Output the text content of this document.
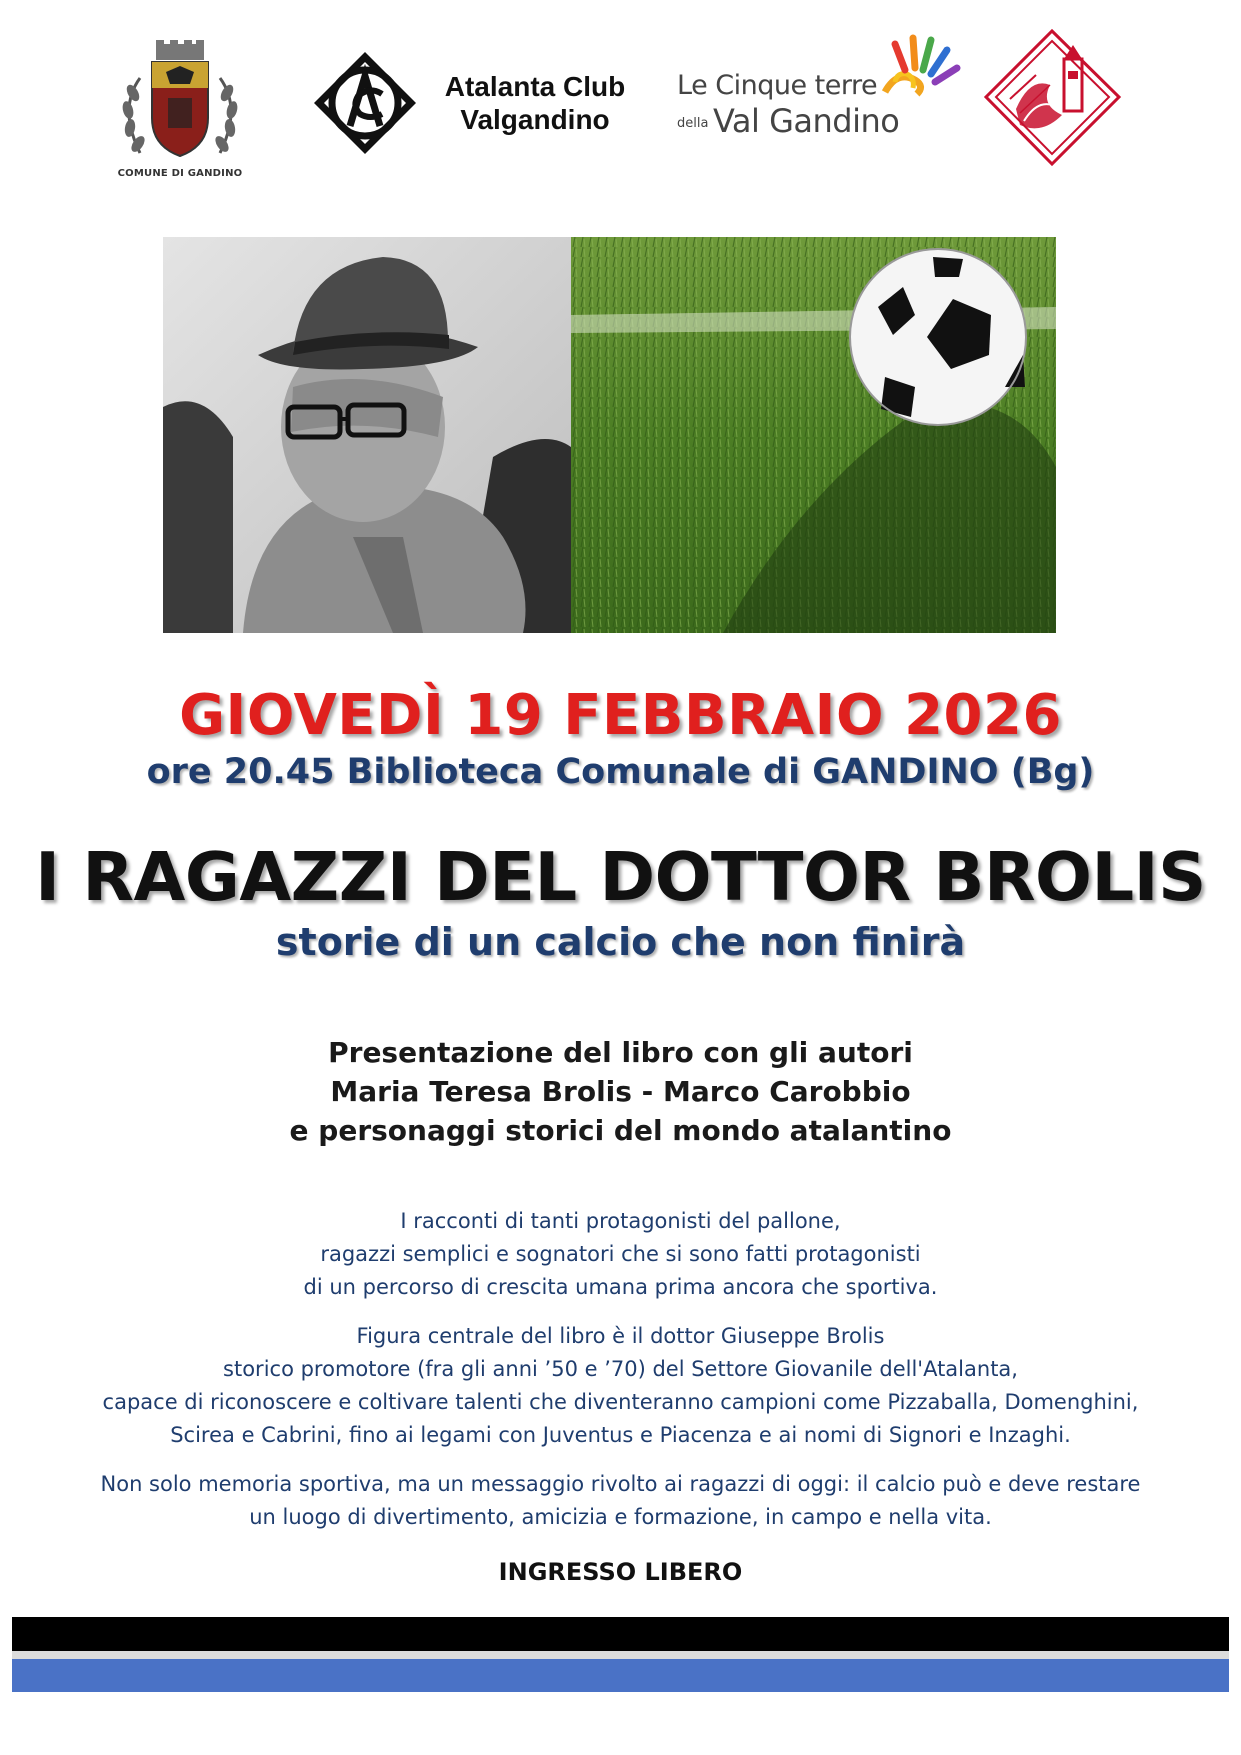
COMUNE DI GANDINO
Atalanta Club
Valgandino
Le Cinque terre
della Val Gandino
GIOVEDÌ 19 FEBBRAIO 2026
ore 20.45 Biblioteca Comunale di GANDINO (Bg)
I RAGAZZI DEL DOTTOR BROLIS
storie di un calcio che non finirà
Presentazione del libro con gli autori
Maria Teresa Brolis - Marco Carobbio
e personaggi storici del mondo atalantino
I racconti di tanti protagonisti del pallone,
ragazzi semplici e sognatori che si sono fatti protagonisti
di un percorso di crescita umana prima ancora che sportiva.
Figura centrale del libro è il dottor Giuseppe Brolis
storico promotore (fra gli anni ’50 e ’70) del Settore Giovanile dell'Atalanta,
capace di riconoscere e coltivare talenti che diventeranno campioni come Pizzaballa, Domenghini,
Scirea e Cabrini, fino ai legami con Juventus e Piacenza e ai nomi di Signori e Inzaghi.
Non solo memoria sportiva, ma un messaggio rivolto ai ragazzi di oggi: il calcio può e deve restare
un luogo di divertimento, amicizia e formazione, in campo e nella vita.
INGRESSO LIBERO
